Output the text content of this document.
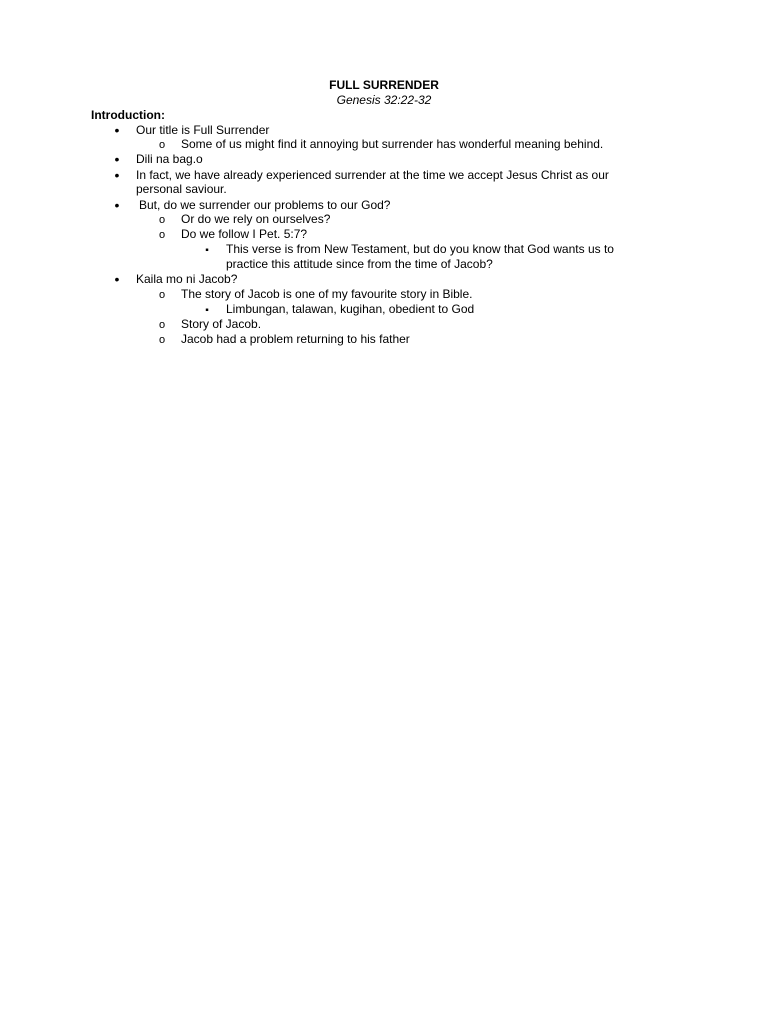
FULL SURRENDER
Genesis 32:22-32
Introduction:
•
Our title is Full Surrender
o
Some of us might find it annoying but surrender has wonderful meaning behind.
•
Dili na bag.o
•
In fact, we have already experienced surrender at the time we accept Jesus Christ as our
personal saviour.
•
But, do we surrender our problems to our God?
o
Or do we rely on ourselves?
o
Do we follow I Pet. 5:7?
▪
This verse is from New Testament, but do you know that God wants us to
practice this attitude since from the time of Jacob?
•
Kaila mo ni Jacob?
o
The story of Jacob is one of my favourite story in Bible.
▪
Limbungan, talawan, kugihan, obedient to God
o
Story of Jacob.
o
Jacob had a problem returning to his father
